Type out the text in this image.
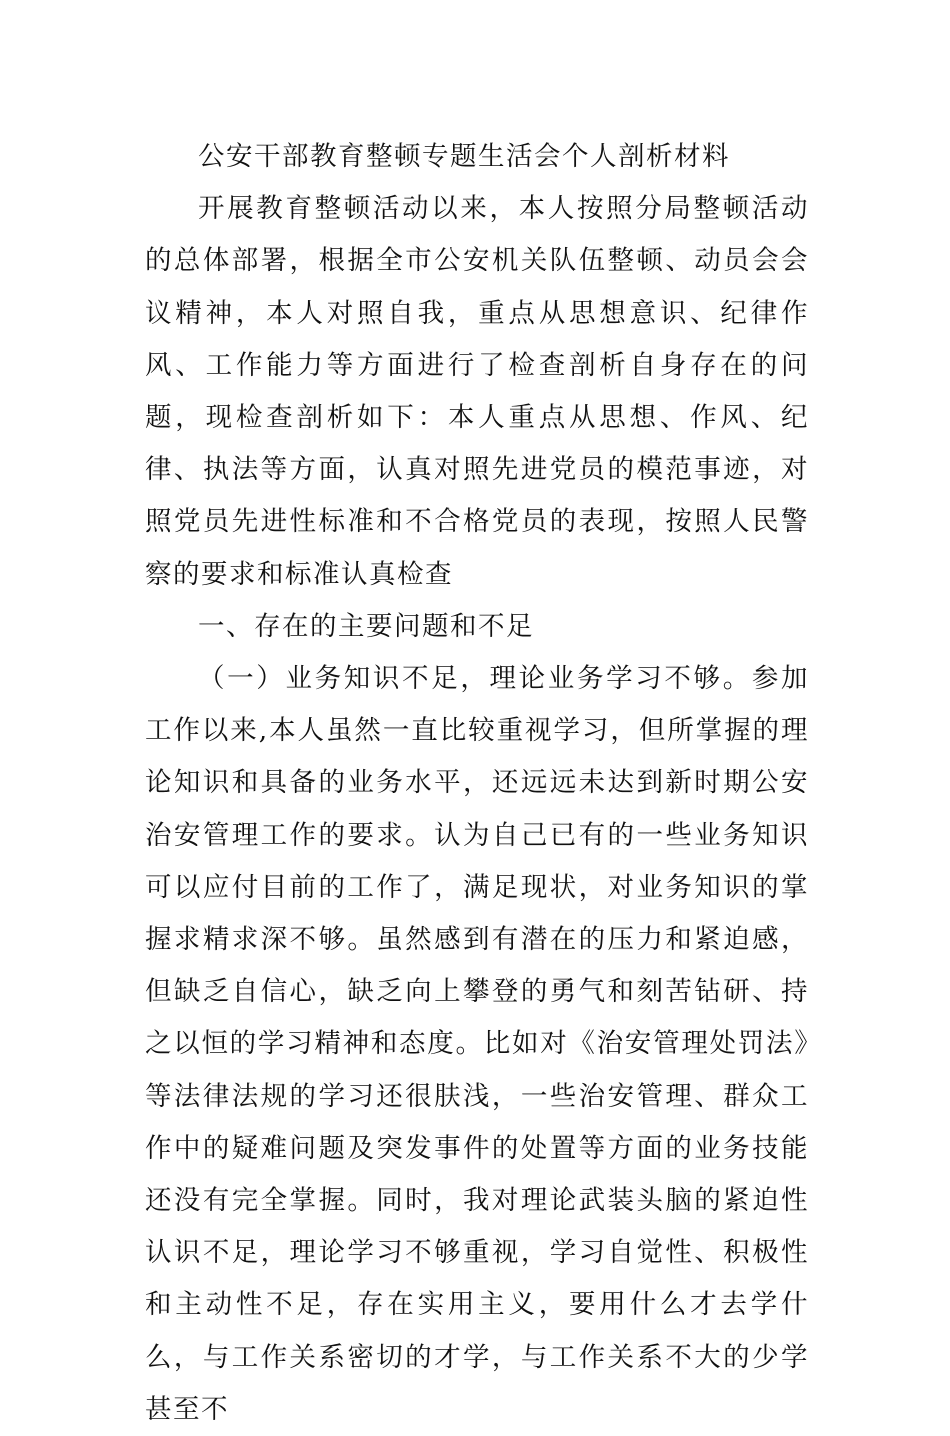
公安干部教育整顿专题生活会个人剖析材料

开展教育整顿活动以来，本人按照分局整顿活动的总体部署，根据全市公安机关队伍整顿、动员会会议精神，本人对照自我，重点从思想意识、纪律作风、工作能力等方面进行了检查剖析自身存在的问题，现检查剖析如下：本人重点从思想、作风、纪律、执法等方面，认真对照先进党员的模范事迹，对照党员先进性标准和不合格党员的表现，按照人民警察的要求和标准认真检查

一、存在的主要问题和不足

（一）业务知识不足，理论业务学习不够。参加工作以来,本人虽然一直比较重视学习，但所掌握的理论知识和具备的业务水平，还远远未达到新时期公安治安管理工作的要求。认为自己已有的一些业务知识可以应付目前的工作了，满足现状，对业务知识的掌握求精求深不够。虽然感到有潜在的压力和紧迫感，但缺乏自信心，缺乏向上攀登的勇气和刻苦钻研、持之以恒的学习精神和态度。比如对《治安管理处罚法》等法律法规的学习还很肤浅，一些治安管理、群众工作中的疑难问题及突发事件的处置等方面的业务技能还没有完全掌握。同时，我对理论武装头脑的紧迫性认识不足，理论学习不够重视，学习自觉性、积极性和主动性不足，存在实用主义，要用什么才去学什么，与工作关系密切的才学，与工作关系不大的少学甚至不
